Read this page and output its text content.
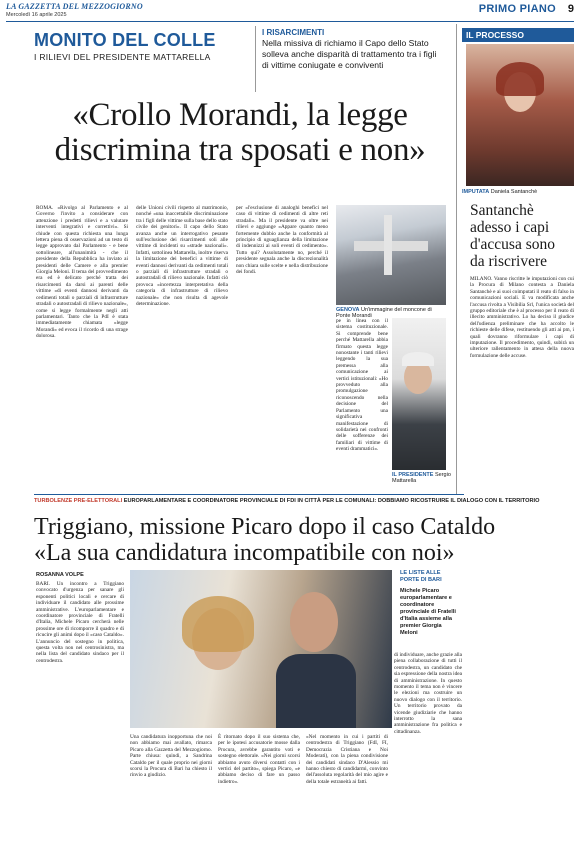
LA GAZZETTA DEL MEZZOGIORNO
Mercoledì 16 aprile 2025	PRIMO PIANO 9
MONITO DEL COLLE
I RILIEVI DEL PRESIDENTE MATTARELLA
I RISARCIMENTI
Nella missiva di richiamo il Capo dello Stato solleva anche disparità di trattamento tra i figli di vittime coniugate e conviventi
«Crollo Morandi, la legge
discrimina tra sposati e non»
ROMA. «Rivolgo al Parlamento e al Governo l'invito a considerare con attenzione i predetti rilievi e a valutare interventi integrativi e correttivi». Si chiude con questa richiesta una lunga lettera piena di osservazioni ad un testo di legge approvato dal Parlamento - e bene sottolineare, all'unanimità - che il presidente della Repubblica ha inviato ai presidenti delle Camere e alla premier Giorgia Meloni. Il tema del provvedimento era ed è delicato perché tratta dei risarcimenti da darsi ai parenti delle vittime «di eventi dannosi derivanti da cedimenti totali o parziali di infrastrutture stradali o autostradali di rilievo nazionale», come si legge formalmente negli atti parlamentari. Tanto che la PdI è stata immediatamente chiamata «legge Morandi» ed evoca il ricordo di una strage dolorosa.
delle Unioni civili rispetto al matrimonio, nonché «una inaccettabile discriminazione tra i figli delle vittime sulla base dello stato civile dei genitori». Il capo dello Stato avanza anche un interrogativo pesante sull'esclusione dei risarcimenti soli alle vittime di incidenti su «strade nazionali». Infatti, sottolinea Mattarella, inoltre riserva la limitazione dei benefici a vittime di eventi dannosi derivanti da cedimenti totali o parziali di infrastrutture stradali o autostradali di rilievo nazionale. Infatti ciò provoca «incertezza interpretativa della categoria di infrastrutture di rilievo nazionale» che non risulta di agevole determinazione.
per «l'esclusione di analoghi benefici nel caso di vittime di cedimenti di altre reti stradali». Ma il presidente va oltre nei rilievi e aggiunge «Appare quanto meno fortemente dubbio anche la conformità al principio di uguaglianza della limitazione di indennizzi ai soli eventi di cedimento». Tutto qui? Assolutamente no, perché il presidente segnala anche la discrezionalità non chiara sulle scelte e nella distribuzione dei fondi.
GENOVA Un'immagine del moncone di Ponte Morandi
pe in linea con il sistema costituzionale. Si comprende bene perché Mattarella abbia firmato questa legge nonostante i tanti rilievi leggendo la sua premessa alla comunicazione ai vertici istituzionali: «Ho provveduto alla promulgazione riconoscendo nella decisione del Parlamento una significativa manifestazione di solidarietà nei confronti delle sofferenze dei familiari di vittime di eventi drammatici».
IL PRESIDENTE Sergio Mattarella
IL PROCESSO
IMPUTATA Daniela Santanchè
Santanchè
adesso i capi
d'accusa sono
da riscrivere
MILANO. Vanno riscritte le imputazioni con cui la Procura di Milano contesta a Daniela Santanchè e ai suoi coimputati il reato di falso in comunicazioni sociali. E va modificata anche l'accusa rivolta a Visibilia Srl, l'unica società del gruppo editoriale che è al processo per il reato di illecito amministrativo. Lo ha deciso il giudice dell'udienza preliminare che ha accolto le richieste delle difese, restituendo gli atti ai pm, i quali dovranno riformulare i capi di imputazione. Il procedimento, quindi, subirà un ulteriore rallentamento in attesa della nuova formulazione delle accuse.
TURBOLENZE PRE-ELETTORALI EUROPARLAMENTARE E COORDINATORE PROVINCIALE DI FDI IN CITTÀ PER LE COMUNALI: DOBBIAMO RICOSTRUIRE IL DIALOGO CON IL TERRITORIO
Triggiano, missione Picaro dopo il caso Cataldo
«La sua candidatura incompatibile con noi»
ROSANNA VOLPE
BARI. Un incontro a Triggiano convocato d'urgenza per sanare gli esponenti politici locali e cercare di individuare il candidato alle prossime amministrative. L'europarlamentare e coordinatore provinciale di Fratelli d'Italia, Michele Picaro cercherà nelle prossime ore di ricomporre il quadro e di ricucire gli animi dopo il «caso Cataldo». L'annuncio del sostegno in politica, questa volta non nel centrosinistra, ma nella lista del candidato sindaco per il centrodestra.
LE LISTE ALLE PORTE DI BARI
Michele Picaro europarlamentare e coordinatore provinciale di Fratelli d'Italia assieme alla premier Giorgia Meloni
Una candidatura inopportuna che noi non abbiamo mai avallato, rimarca Picaro alla Gazzetta del Mezzogiorno. Parte chiusa: quindi, a Sandrina Cataldo per il quale proprio nei giorni scorsi la Procura di Bari ha chiesto il rinvio a giudizio.
È ritornato dopo il suo sistema che, per le ipotesi accusatorie mosse dalla Procura, avrebbe garantito voti e sostegno elettorale. «Nei giorni scorsi abbiamo avuto diversi contatti con i vertici del partito», spiega Picaro, «e abbiamo deciso di fare un passo indietro».
«Nel momento in cui i partiti di centrodestra di Triggiano (FdI, FI, Democrazia Cristiana e Noi Moderati), con la piena condivisione dei candidati sindaco D'Alessio mi hanno chiesto di candidarmi, convinto dell'assoluta regolarità del mio agire e della totale estraneità ai fatti.
di individuare, anche grazie alla piena collaborazione di tutti il centrodestra, un candidato che sia espressione della nostra idea di amministrazione. In questo momento il tema non è vincere le elezioni ma costruire un nuovo dialogo con il territorio. Un territorio provato da vicende giudiziarie che hanno interrotto la sana amministrazione fra politica e cittadinanza.
